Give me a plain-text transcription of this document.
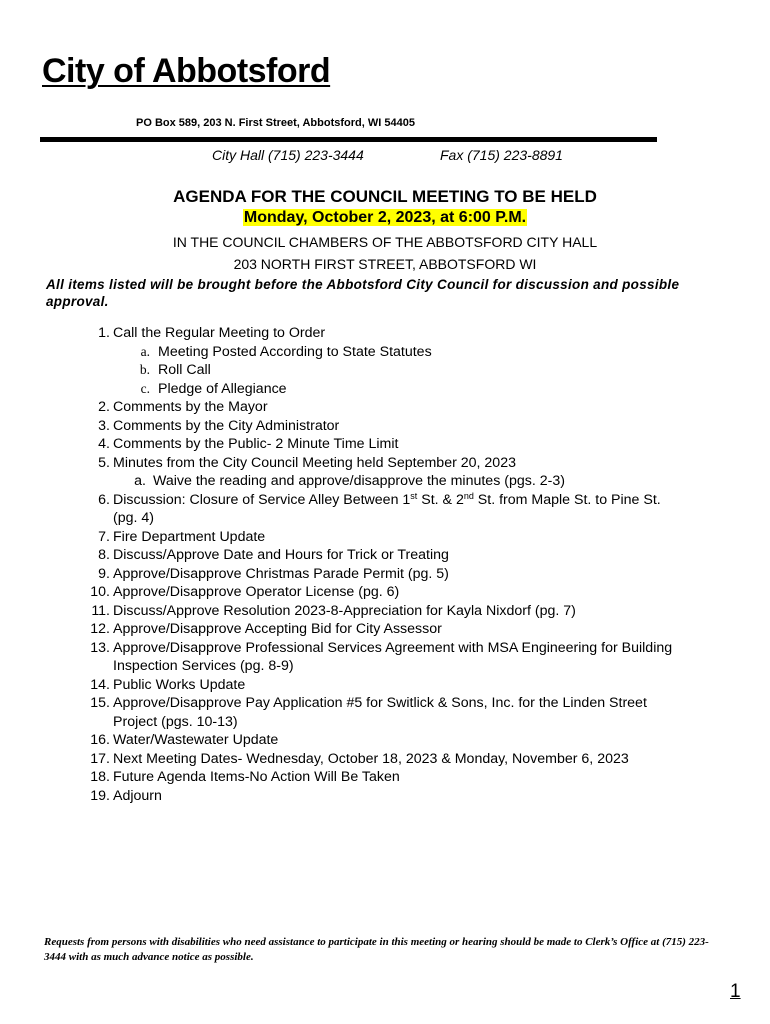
City of Abbotsford
PO Box 589, 203 N. First Street, Abbotsford, WI 54405
City Hall (715) 223-3444	Fax (715) 223-8891
AGENDA FOR THE COUNCIL MEETING TO BE HELD
Monday, October 2, 2023, at 6:00 P.M.
IN THE COUNCIL CHAMBERS OF THE ABBOTSFORD CITY HALL
203 NORTH FIRST STREET, ABBOTSFORD WI
All items listed will be brought before the Abbotsford City Council for discussion and possible approval.
1. Call the Regular Meeting to Order
a. Meeting Posted According to State Statutes
b. Roll Call
c. Pledge of Allegiance
2. Comments by the Mayor
3. Comments by the City Administrator
4. Comments by the Public- 2 Minute Time Limit
5. Minutes from the City Council Meeting held September 20, 2023
a. Waive the reading and approve/disapprove the minutes (pgs. 2-3)
6. Discussion: Closure of Service Alley Between 1st St. & 2nd St. from Maple St. to Pine St.
(pg. 4)
7. Fire Department Update
8. Discuss/Approve Date and Hours for Trick or Treating
9. Approve/Disapprove Christmas Parade Permit (pg. 5)
10. Approve/Disapprove Operator License (pg. 6)
11. Discuss/Approve Resolution 2023-8-Appreciation for Kayla Nixdorf (pg. 7)
12. Approve/Disapprove Accepting Bid for City Assessor
13. Approve/Disapprove Professional Services Agreement with MSA Engineering for Building
Inspection Services (pg. 8-9)
14. Public Works Update
15. Approve/Disapprove Pay Application #5 for Switlick & Sons, Inc. for the Linden Street
Project (pgs. 10-13)
16. Water/Wastewater Update
17. Next Meeting Dates- Wednesday, October 18, 2023 & Monday, November 6, 2023
18. Future Agenda Items-No Action Will Be Taken
19. Adjourn
Requests from persons with disabilities who need assistance to participate in this meeting or hearing should be made to Clerk’s Office at (715) 223-3444 with as much advance notice as possible.
1
